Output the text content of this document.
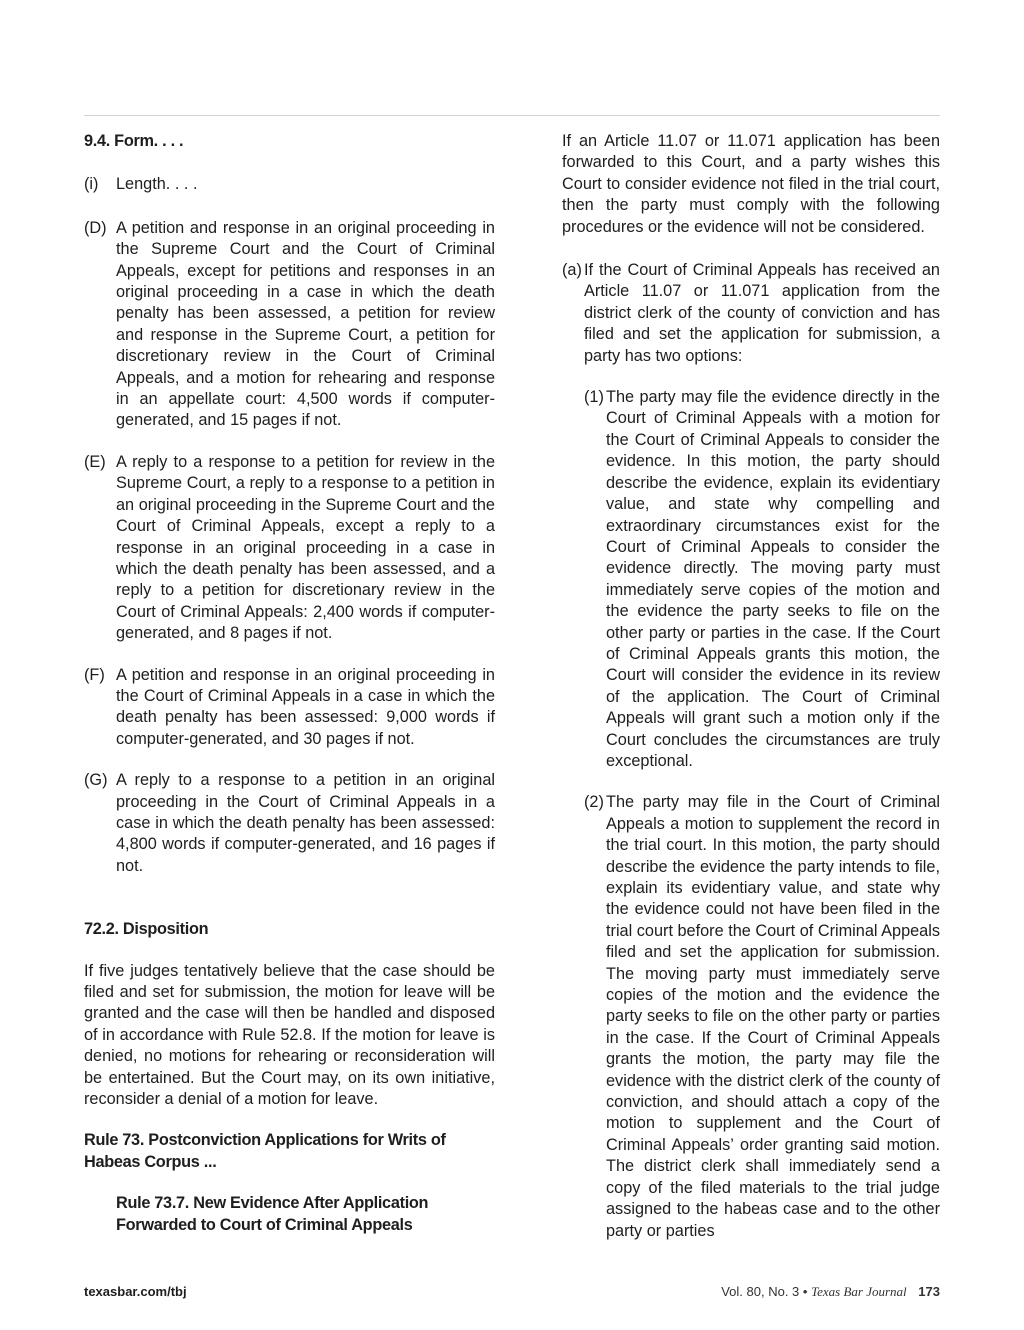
9.4. Form. . . .

(i)	Length. . . .
(D) A petition and response in an original proceeding in the Supreme Court and the Court of Criminal Appeals, except for petitions and responses in an original proceeding in a case in which the death penalty has been assessed, a petition for review and response in the Supreme Court, a petition for discretionary review in the Court of Criminal Appeals, and a motion for rehearing and response in an appellate court: 4,500 words if computer-generated, and 15 pages if not.
(E) A reply to a response to a petition for review in the Supreme Court, a reply to a response to a petition in an original proceeding in the Supreme Court and the Court of Criminal Appeals, except a reply to a response in an original proceeding in a case in which the death penalty has been assessed, and a reply to a petition for discretionary review in the Court of Criminal Appeals: 2,400 words if computer-generated, and 8 pages if not.
(F) A petition and response in an original proceeding in the Court of Criminal Appeals in a case in which the death penalty has been assessed: 9,000 words if computer-generated, and 30 pages if not.
(G) A reply to a response to a petition in an original proceeding in the Court of Criminal Appeals in a case in which the death penalty has been assessed: 4,800 words if computer-generated, and 16 pages if not.

72.2. Disposition

If five judges tentatively believe that the case should be filed and set for submission, the motion for leave will be granted and the case will then be handled and disposed of in accordance with Rule 52.8. If the motion for leave is denied, no motions for rehearing or reconsideration will be entertained. But the Court may, on its own initiative, reconsider a denial of a motion for leave.

Rule 73. Postconviction Applications for Writs of Habeas Corpus ...

Rule 73.7. New Evidence After Application Forwarded to Court of Criminal Appeals

If an Article 11.07 or 11.071 application has been forwarded to this Court, and a party wishes this Court to consider evidence not filed in the trial court, then the party must comply with the following procedures or the evidence will not be considered.

(a) If the Court of Criminal Appeals has received an Article 11.07 or 11.071 application from the district clerk of the county of conviction and has filed and set the application for submission, a party has two options:
(1) The party may file the evidence directly in the Court of Criminal Appeals with a motion for the Court of Criminal Appeals to consider the evidence. In this motion, the party should describe the evidence, explain its evidentiary value, and state why compelling and extraordinary circumstances exist for the Court of Criminal Appeals to consider the evidence directly. The moving party must immediately serve copies of the motion and the evidence the party seeks to file on the other party or parties in the case. If the Court of Criminal Appeals grants this motion, the Court will consider the evidence in its review of the application. The Court of Criminal Appeals will grant such a motion only if the Court concludes the circumstances are truly exceptional.
(2) The party may file in the Court of Criminal Appeals a motion to supplement the record in the trial court. In this motion, the party should describe the evidence the party intends to file, explain its evidentiary value, and state why the evidence could not have been filed in the trial court before the Court of Criminal Appeals filed and set the application for submission. The moving party must immediately serve copies of the motion and the evidence the party seeks to file on the other party or parties in the case. If the Court of Criminal Appeals grants the motion, the party may file the evidence with the district clerk of the county of conviction, and should attach a copy of the motion to supplement and the Court of Criminal Appeals’ order granting said motion. The district clerk shall immediately send a copy of the filed materials to the trial judge assigned to the habeas case and to the other party or parties
texasbar.com/tbj	Vol. 80, No. 3 • Texas Bar Journal 173
